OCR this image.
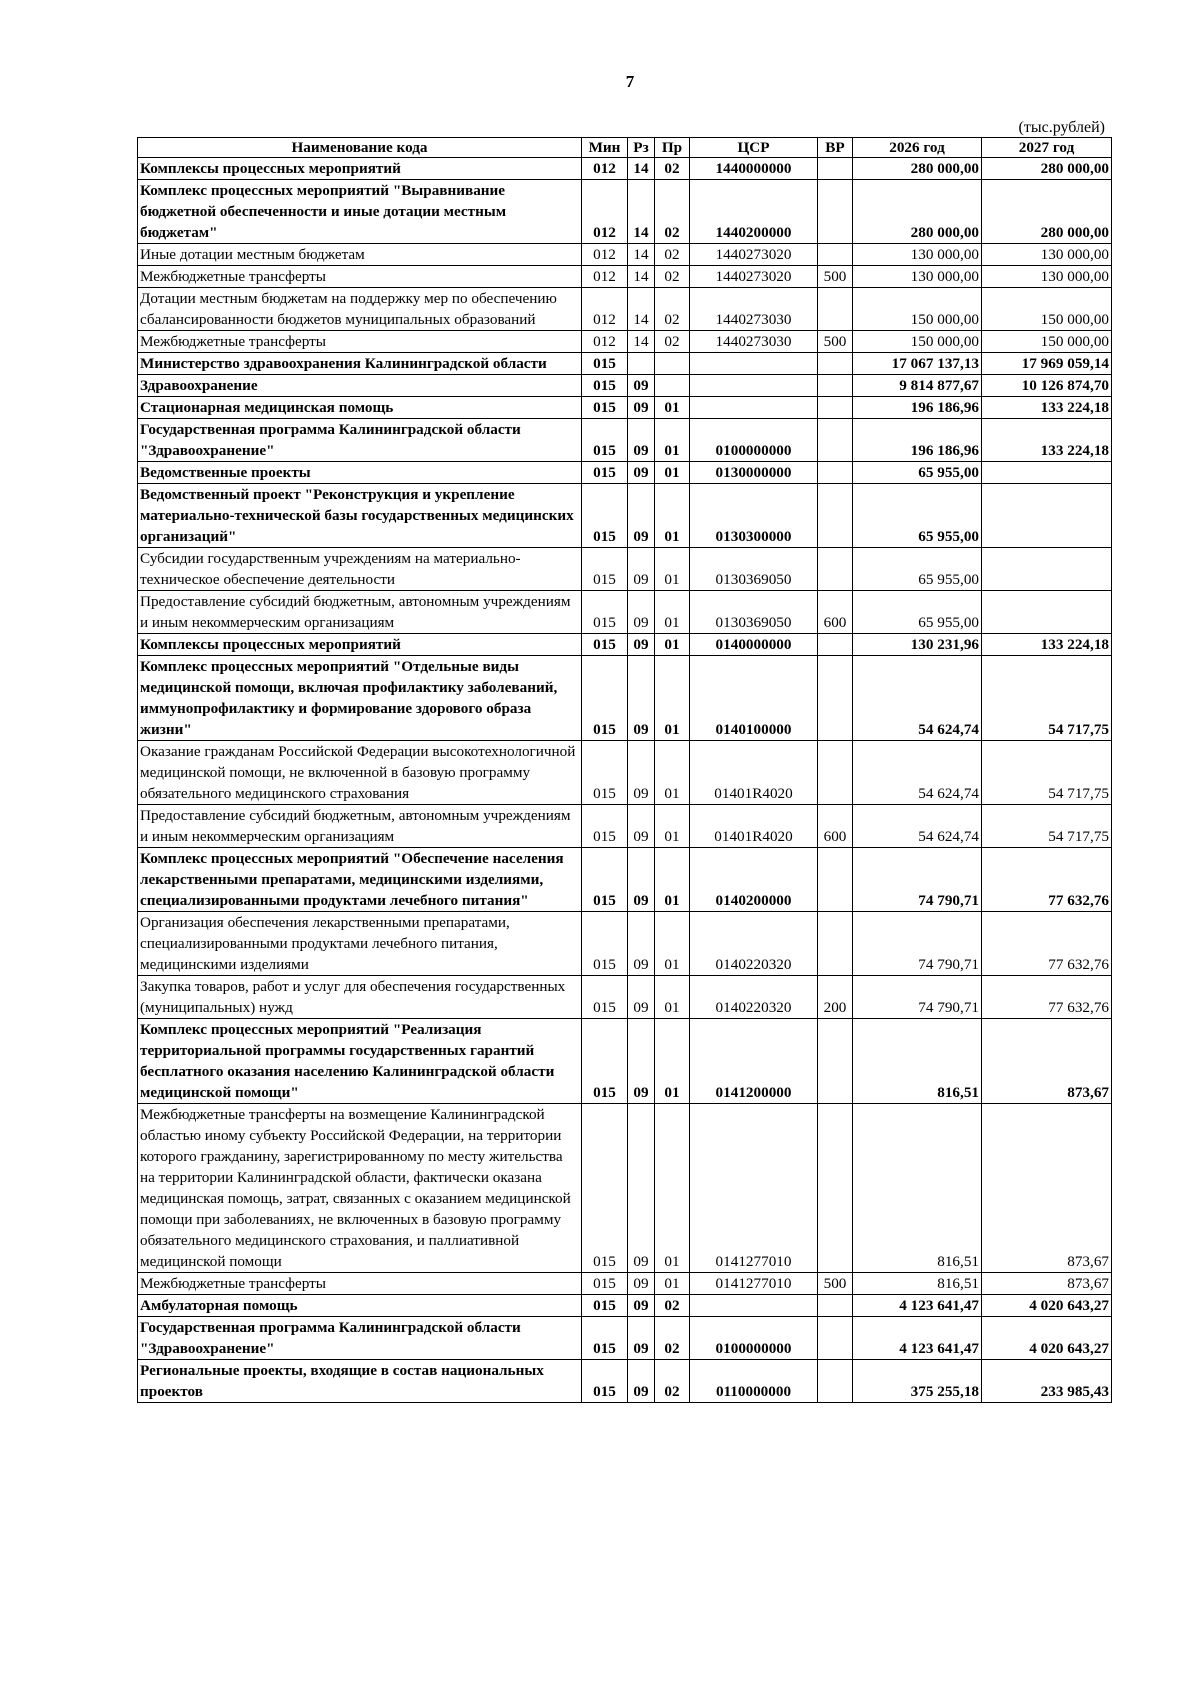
7
(тыс.рублей)
Наименование кода	Мин	Рз	Пр	ЦСР	ВР	2026 год	2027 год
Комплексы процессных мероприятий	012	14	02	1440000000		280 000,00	280 000,00
Комплекс процессных мероприятий "Выравнивание бюджетной обеспеченности и иные дотации местным бюджетам"	012	14	02	1440200000		280 000,00	280 000,00
Иные дотации местным бюджетам	012	14	02	1440273020		130 000,00	130 000,00
Межбюджетные трансферты	012	14	02	1440273020	500	130 000,00	130 000,00
Дотации местным бюджетам на поддержку мер по обеспечению сбалансированности бюджетов муниципальных образований	012	14	02	1440273030		150 000,00	150 000,00
Межбюджетные трансферты	012	14	02	1440273030	500	150 000,00	150 000,00
Министерство здравоохранения Калининградской области	015					17 067 137,13	17 969 059,14
Здравоохранение	015	09				9 814 877,67	10 126 874,70
Стационарная медицинская помощь	015	09	01			196 186,96	133 224,18
Государственная программа Калининградской области "Здравоохранение"	015	09	01	0100000000		196 186,96	133 224,18
Ведомственные проекты	015	09	01	0130000000		65 955,00	
Ведомственный проект "Реконструкция и укрепление материально-технической базы государственных медицинских организаций"	015	09	01	0130300000		65 955,00	
Субсидии государственным учреждениям на материально-техническое обеспечение деятельности	015	09	01	0130369050		65 955,00	
Предоставление субсидий бюджетным, автономным учреждениям и иным некоммерческим организациям	015	09	01	0130369050	600	65 955,00	
Комплексы процессных мероприятий	015	09	01	0140000000		130 231,96	133 224,18
Комплекс процессных мероприятий "Отдельные виды медицинской помощи, включая профилактику заболеваний, иммунопрофилактику и формирование здорового образа жизни"	015	09	01	0140100000		54 624,74	54 717,75
Оказание гражданам Российской Федерации высокотехнологичной медицинской помощи, не включенной в базовую программу обязательного медицинского страхования	015	09	01	01401R4020		54 624,74	54 717,75
Предоставление субсидий бюджетным, автономным учреждениям и иным некоммерческим организациям	015	09	01	01401R4020	600	54 624,74	54 717,75
Комплекс процессных мероприятий "Обеспечение населения лекарственными препаратами, медицинскими изделиями, специализированными продуктами лечебного питания"	015	09	01	0140200000		74 790,71	77 632,76
Организация обеспечения лекарственными препаратами, специализированными продуктами лечебного питания, медицинскими изделиями	015	09	01	0140220320		74 790,71	77 632,76
Закупка товаров, работ и услуг для обеспечения государственных (муниципальных) нужд	015	09	01	0140220320	200	74 790,71	77 632,76
Комплекс процессных мероприятий "Реализация территориальной программы государственных гарантий бесплатного оказания населению Калининградской области медицинской помощи"	015	09	01	0141200000		816,51	873,67
Межбюджетные трансферты на возмещение Калининградской областью иному субъекту Российской Федерации, на территории которого гражданину, зарегистрированному по месту жительства на территории Калининградской области, фактически оказана медицинская помощь, затрат, связанных с оказанием медицинской помощи при заболеваниях, не включенных в базовую программу обязательного медицинского страхования, и паллиативной медицинской помощи	015	09	01	0141277010		816,51	873,67
Межбюджетные трансферты	015	09	01	0141277010	500	816,51	873,67
Амбулаторная помощь	015	09	02			4 123 641,47	4 020 643,27
Государственная программа Калининградской области "Здравоохранение"	015	09	02	0100000000		4 123 641,47	4 020 643,27
Региональные проекты, входящие в состав национальных проектов	015	09	02	0110000000		375 255,18	233 985,43
